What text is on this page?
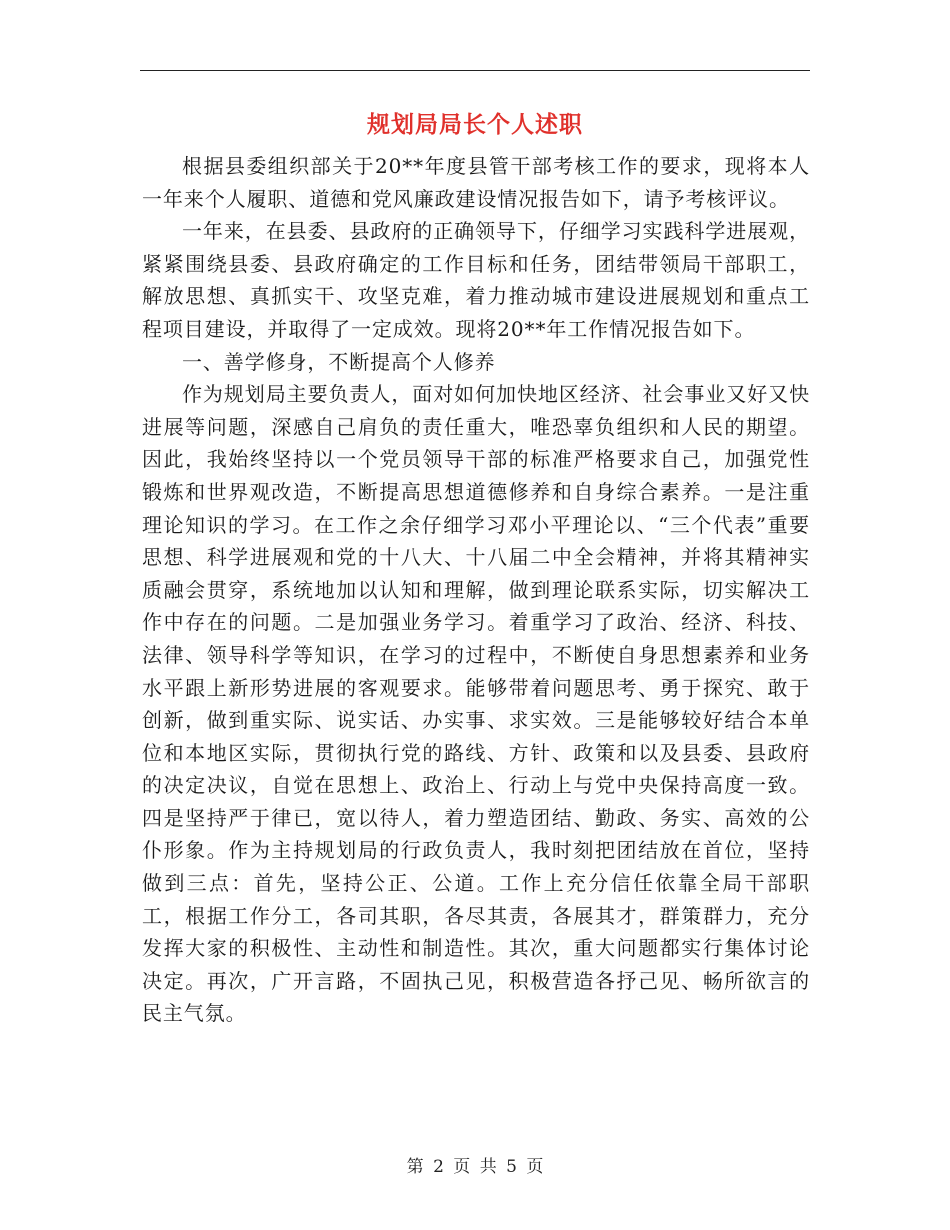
规划局局长个人述职

根据县委组织部关于20**年度县管干部考核工作的要求，现将本人一年来个人履职、道德和党风廉政建设情况报告如下，请予考核评议。

一年来，在县委、县政府的正确领导下，仔细学习实践科学进展观，紧紧围绕县委、县政府确定的工作目标和任务，团结带领局干部职工，解放思想、真抓实干、攻坚克难，着力推动城市建设进展规划和重点工程项目建设，并取得了一定成效。现将20**年工作情况报告如下。

一、善学修身，不断提高个人修养

作为规划局主要负责人，面对如何加快地区经济、社会事业又好又快进展等问题，深感自己肩负的责任重大，唯恐辜负组织和人民的期望。因此，我始终坚持以一个党员领导干部的标准严格要求自己，加强党性锻炼和世界观改造，不断提高思想道德修养和自身综合素养。一是注重理论知识的学习。在工作之余仔细学习邓小平理论以、“三个代表”重要思想、科学进展观和党的十八大、十八届二中全会精神，并将其精神实质融会贯穿，系统地加以认知和理解，做到理论联系实际，切实解决工作中存在的问题。二是加强业务学习。着重学习了政治、经济、科技、法律、领导科学等知识，在学习的过程中，不断使自身思想素养和业务水平跟上新形势进展的客观要求。能够带着问题思考、勇于探究、敢于创新，做到重实际、说实话、办实事、求实效。三是能够较好结合本单位和本地区实际，贯彻执行党的路线、方针、政策和以及县委、县政府的决定决议，自觉在思想上、政治上、行动上与党中央保持高度一致。四是坚持严于律已，宽以待人，着力塑造团结、勤政、务实、高效的公仆形象。作为主持规划局的行政负责人，我时刻把团结放在首位，坚持做到三点：首先，坚持公正、公道。工作上充分信任依靠全局干部职工，根据工作分工，各司其职，各尽其责，各展其才，群策群力，充分发挥大家的积极性、主动性和制造性。其次，重大问题都实行集体讨论决定。再次，广开言路，不固执己见，积极营造各抒己见、畅所欲言的民主气氛。

第 2 页 共 5 页
